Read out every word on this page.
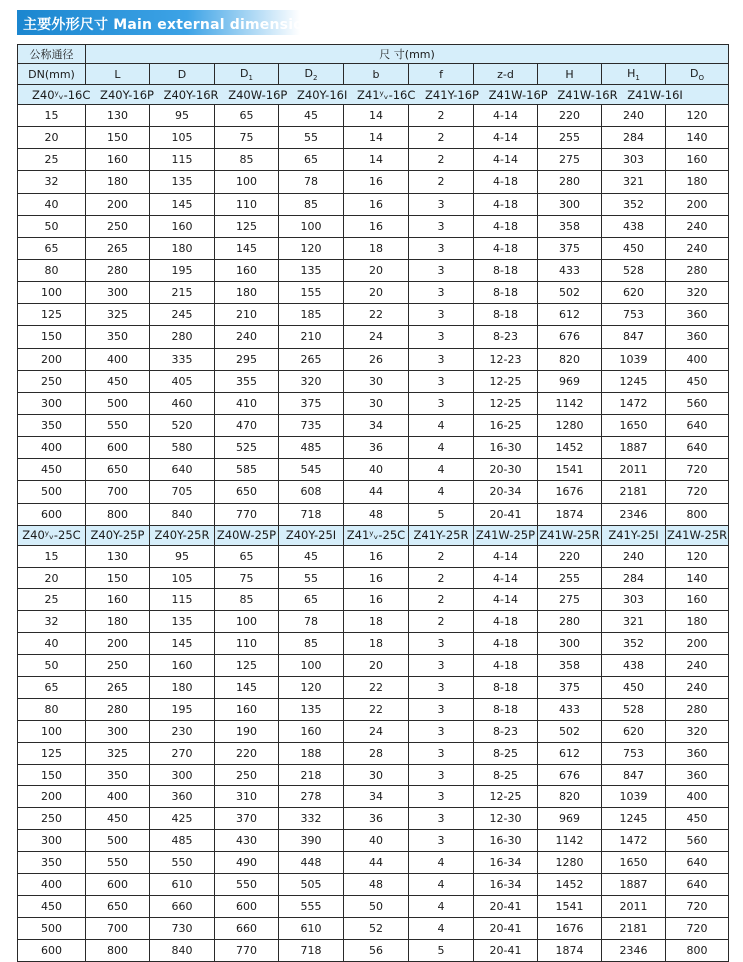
主要外形尺寸 Main external dimensions
公称通径	尺 寸(mm)									
DN(mm)	L	D	$D_1$	$D_2$	b	f	z-d	H	$H_1$	$D_O$
Z40ʸᵥ-16C Z40Y-16P Z40Y-16R Z40W-16P Z40Y-16I Z41ʸᵥ-16C Z41Y-16P Z41W-16P Z41W-16R Z41W-16I										
15	130	95	65	45	14	2	4-14	220	240	120
20	150	105	75	55	14	2	4-14	255	284	140
25	160	115	85	65	14	2	4-14	275	303	160
32	180	135	100	78	16	2	4-18	280	321	180
40	200	145	110	85	16	3	4-18	300	352	200
50	250	160	125	100	16	3	4-18	358	438	240
65	265	180	145	120	18	3	4-18	375	450	240
80	280	195	160	135	20	3	8-18	433	528	280
100	300	215	180	155	20	3	8-18	502	620	320
125	325	245	210	185	22	3	8-18	612	753	360
150	350	280	240	210	24	3	8-23	676	847	360
200	400	335	295	265	26	3	12-23	820	1039	400
250	450	405	355	320	30	3	12-25	969	1245	450
300	500	460	410	375	30	3	12-25	1142	1472	560
350	550	520	470	735	34	4	16-25	1280	1650	640
400	600	580	525	485	36	4	16-30	1452	1887	640
450	650	640	585	545	40	4	20-30	1541	2011	720
500	700	705	650	608	44	4	20-34	1676	2181	720
600	800	840	770	718	48	5	20-41	1874	2346	800
Z40ʸᵥ-25C	Z40Y-25P	Z40Y-25R	Z40W-25P	Z40Y-25I	Z41ʸᵥ-25C	Z41Y-25R	Z41W-25P	Z41W-25R	Z41Y-25I	Z41W-25R
15	130	95	65	45	16	2	4-14	220	240	120
20	150	105	75	55	16	2	4-14	255	284	140
25	160	115	85	65	16	2	4-14	275	303	160
32	180	135	100	78	18	2	4-18	280	321	180
40	200	145	110	85	18	3	4-18	300	352	200
50	250	160	125	100	20	3	4-18	358	438	240
65	265	180	145	120	22	3	8-18	375	450	240
80	280	195	160	135	22	3	8-18	433	528	280
100	300	230	190	160	24	3	8-23	502	620	320
125	325	270	220	188	28	3	8-25	612	753	360
150	350	300	250	218	30	3	8-25	676	847	360
200	400	360	310	278	34	3	12-25	820	1039	400
250	450	425	370	332	36	3	12-30	969	1245	450
300	500	485	430	390	40	3	16-30	1142	1472	560
350	550	550	490	448	44	4	16-34	1280	1650	640
400	600	610	550	505	48	4	16-34	1452	1887	640
450	650	660	600	555	50	4	20-41	1541	2011	720
500	700	730	660	610	52	4	20-41	1676	2181	720
600	800	840	770	718	56	5	20-41	1874	2346	800
